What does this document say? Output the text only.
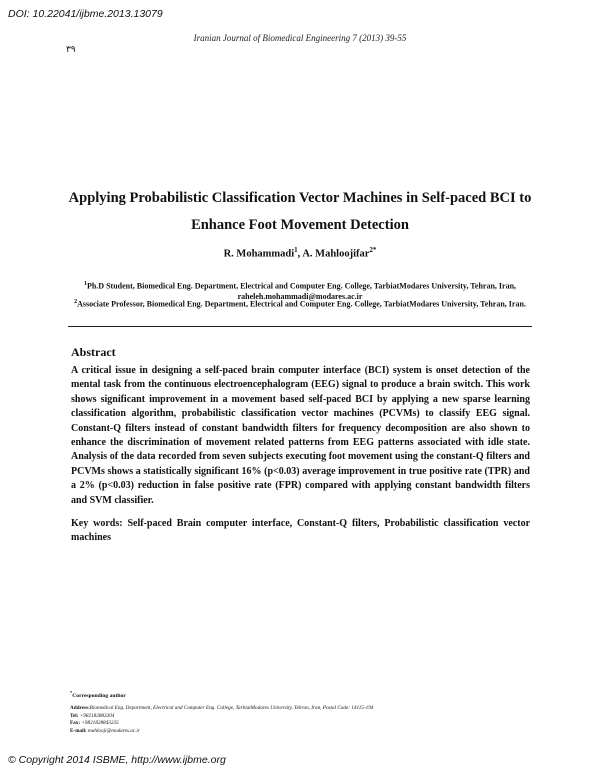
DOI: 10.22041/ijbme.2013.13079
Iranian Journal of Biomedical Engineering 7 (2013) 39-55
۳۹
Applying Probabilistic Classification Vector Machines in Self-paced BCI to Enhance Foot Movement Detection
R. Mohammadi$^1$, A. Mahloojifar$^{2*}$
$^1$Ph.D Student, Biomedical Eng. Department, Electrical and Computer Eng. College, TarbiatModares University, Tehran, Iran, raheleh.mohammadi@modares.ac.ir
$^2$Associate Professor, Biomedical Eng. Department, Electrical and Computer Eng. College, TarbiatModares University, Tehran, Iran.
Abstract
A critical issue in designing a self-paced brain computer interface (BCI) system is onset detection of the mental task from the continuous electroencephalogram (EEG) signal to produce a brain switch. This work shows significant improvement in a movement based self-paced BCI by applying a new sparse learning classification algorithm, probabilistic classification vector machines (PCVMs) to classify EEG signal. Constant-Q filters instead of constant bandwidth filters for frequency decomposition are also shown to enhance the discrimination of movement related patterns from EEG patterns associated with idle state. Analysis of the data recorded from seven subjects executing foot movement using the constant-Q filters and PCVMs shows a statistically significant 16% (p<0.03) average improvement in true positive rate (TPR) and a 2% (p<0.03) reduction in false positive rate (FPR) compared with applying constant bandwidth filters and SVM classifier.
Key words: Self-paced Brain computer interface, Constant-Q filters, Probabilistic classification vector machines
*Corresponding author
Address:Biomedical Eng. Department, Electrical and Computer Eng. College, TarbiatModares University, Tehran, Iran, Postal Code: 14115-194
Tel: +982182883304
Fax: +9821828843235
E-mail: mahlooji@modares.ac.ir
© Copyright 2014 ISBME, http://www.ijbme.org
